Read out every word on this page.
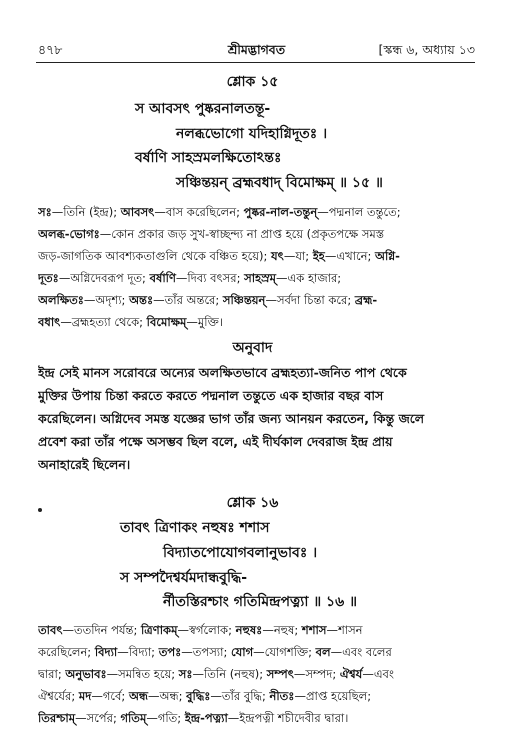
৪৭৮	শ্রীমদ্ভাগবত	[স্কন্ধ ৬, অধ্যায় ১৩
শ্লোক ১৫
স আবসৎ পুষ্করনালতন্তূ-
নলব্ধভোগো যদিহাগ্নিদূতঃ ।
বর্ষাণি সাহস্রমলক্ষিতোঽন্তঃ
সঞ্চিন্তয়ন্ ব্রহ্মবধাদ্ বিমোক্ষম্ ॥ ১৫ ॥
সঃ—তিনি (ইন্দ্র); আবসৎ—বাস করেছিলেন; পুষ্কর-নাল-তন্তুন্—পদ্মনাল তন্তুতে;
অলব্ধ-ভোগঃ—কোন প্রকার জড় সুখ-স্বাচ্ছন্দ্য না প্রাপ্ত হয়ে (প্রকৃতপক্ষে সমস্ত
জড়-জাগতিক আবশ্যকতাগুলি থেকে বঞ্চিত হয়ে); যৎ—যা; ইহ—এখানে; অগ্নি-
দূতঃ—অগ্নিদেবরূপ দূত; বর্ষাণি—দিব্য বৎসর; সাহস্রম্—এক হাজার;
অলক্ষিতঃ—অদৃশ্য; অন্তঃ—তাঁর অন্তরে; সঞ্চিন্তয়ন্—সর্বদা চিন্তা করে; ব্রহ্ম-
বধাৎ—ব্রহ্মহত্যা থেকে; বিমোক্ষম্—মুক্তি।
অনুবাদ
ইন্দ্র সেই মানস সরোবরে অন্যের অলক্ষিতভাবে ব্রহ্মহত্যা-জনিত পাপ থেকে
মুক্তির উপায় চিন্তা করতে করতে পদ্মনাল তন্তুতে এক হাজার বছর বাস
করেছিলেন। অগ্নিদেব সমস্ত যজ্ঞের ভাগ তাঁর জন্য আনয়ন করতেন, কিন্তু জলে
প্রবেশ করা তাঁর পক্ষে অসম্ভব ছিল বলে, এই দীর্ঘকাল দেবরাজ ইন্দ্র প্রায়
অনাহারেই ছিলেন।
শ্লোক ১৬
তাবৎ ত্রিণাকং নহুষঃ শশাস
বিদ্যাতপোযোগবলানুভাবঃ ।
স সম্পদৈশ্বর্যমদান্ধবুদ্ধি-
র্নীতস্তিরশ্চাং গতিমিন্দ্রপত্ন্যা ॥ ১৬ ॥
তাবৎ—ততদিন পর্যন্ত; ত্রিণাকম্—স্বর্গলোক; নহুষঃ—নহুষ; শশাস—শাসন
করেছিলেন; বিদ্যা—বিদ্যা; তপঃ—তপস্যা; যোগ—যোগশক্তি; বল—এবং বলের
দ্বারা; অনুভাবঃ—সমন্বিত হয়ে; সঃ—তিনি (নহুষ); সম্পৎ—সম্পদ; ঐশ্বর্য—এবং
ঐশ্বর্যের; মদ—গর্বে; অন্ধ—অন্ধ; বুদ্ধিঃ—তাঁর বুদ্ধি; নীতঃ—প্রাপ্ত হয়েছিল;
তিরশ্চাম্—সর্পের; গতিম্—গতি; ইন্দ্র-পত্ন্যা—ইন্দ্রপত্নী শচীদেবীর দ্বারা।
